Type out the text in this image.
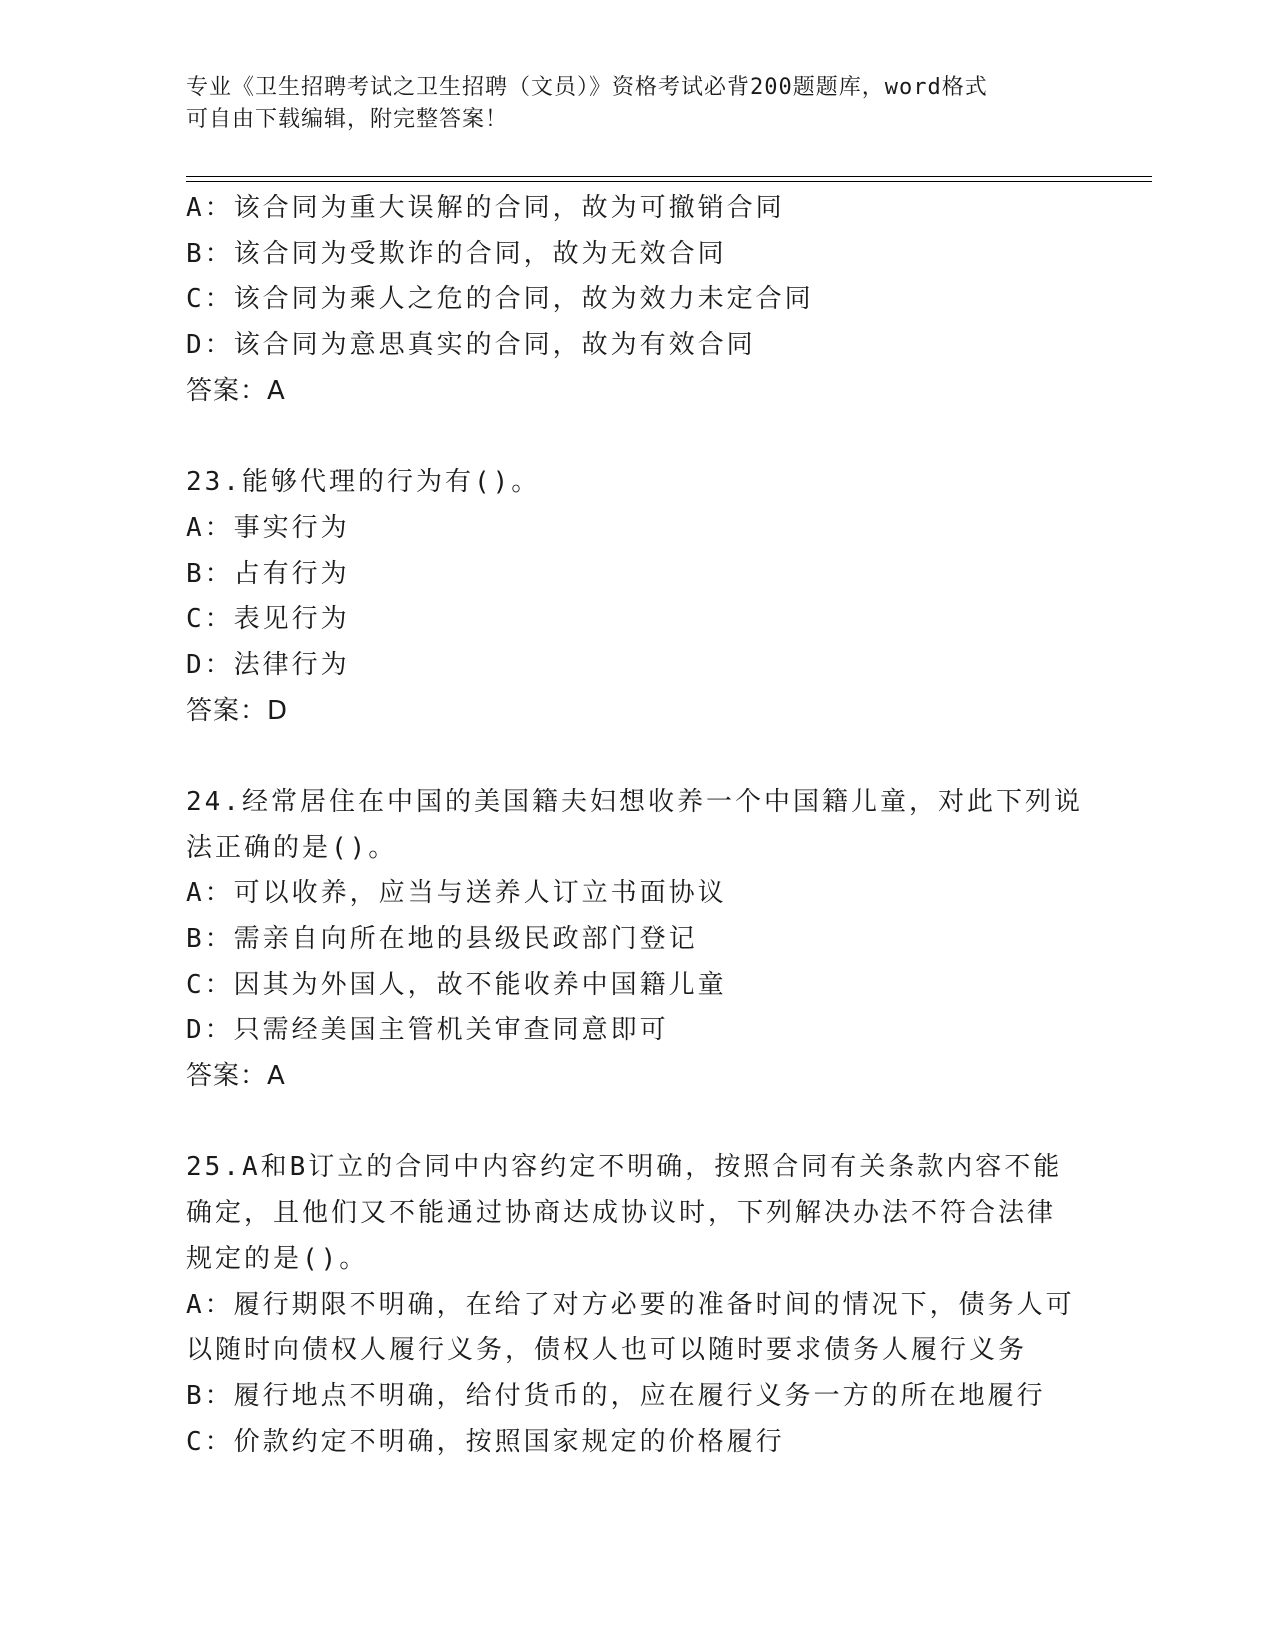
专业《卫生招聘考试之卫生招聘（文员）》资格考试必背200题题库，word格式
可自由下载编辑，附完整答案！
A：该合同为重大误解的合同，故为可撤销合同
B：该合同为受欺诈的合同，故为无效合同
C：该合同为乘人之危的合同，故为效力未定合同
D：该合同为意思真实的合同，故为有效合同
答案：A
23.能够代理的行为有()。
A：事实行为
B：占有行为
C：表见行为
D：法律行为
答案：D
24.经常居住在中国的美国籍夫妇想收养一个中国籍儿童，对此下列说
法正确的是()。
A：可以收养，应当与送养人订立书面协议
B：需亲自向所在地的县级民政部门登记
C：因其为外国人，故不能收养中国籍儿童
D：只需经美国主管机关审查同意即可
答案：A
25.A和B订立的合同中内容约定不明确，按照合同有关条款内容不能
确定，且他们又不能通过协商达成协议时，下列解决办法不符合法律
规定的是()。
A：履行期限不明确，在给了对方必要的准备时间的情况下，债务人可
以随时向债权人履行义务，债权人也可以随时要求债务人履行义务
B：履行地点不明确，给付货币的，应在履行义务一方的所在地履行
C：价款约定不明确，按照国家规定的价格履行
